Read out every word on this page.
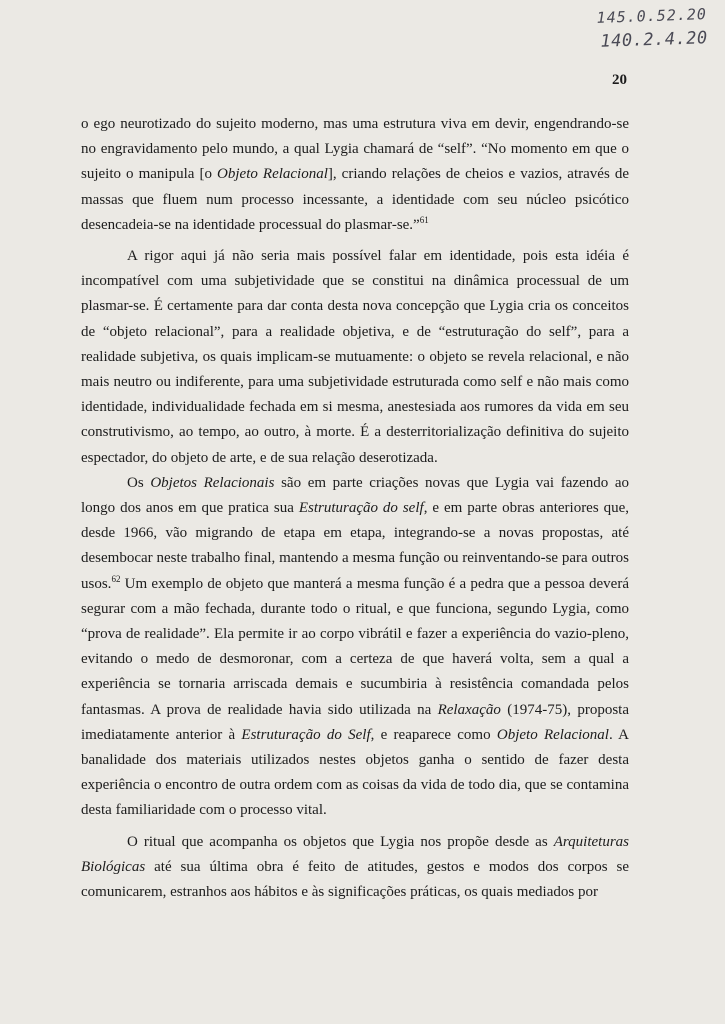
145.0.52.20
140.2.4.20
20

o ego neurotizado do sujeito moderno, mas uma estrutura viva em devir, engendrando-se no engravidamento pelo mundo, a qual Lygia chamará de “self”. “No momento em que o sujeito o manipula [o Objeto Relacional], criando relações de cheios e vazios, através de massas que fluem num processo incessante, a identidade com seu núcleo psicótico desencadeia-se na identidade processual do plasmar-se.”$^{61}$

A rigor aqui já não seria mais possível falar em identidade, pois esta idéia é incompatível com uma subjetividade que se constitui na dinâmica processual de um plasmar-se. É certamente para dar conta desta nova concepção que Lygia cria os conceitos de “objeto relacional”, para a realidade objetiva, e de “estruturação do self”, para a realidade subjetiva, os quais implicam-se mutuamente: o objeto se revela relacional, e não mais neutro ou indiferente, para uma subjetividade estruturada como self e não mais como identidade, individualidade fechada em si mesma, anestesiada aos rumores da vida em seu construtivismo, ao tempo, ao outro, à morte. É a desterritorialização definitiva do sujeito espectador, do objeto de arte, e de sua relação deserotizada.

Os Objetos Relacionais são em parte criações novas que Lygia vai fazendo ao longo dos anos em que pratica sua Estruturação do self, e em parte obras anteriores que, desde 1966, vão migrando de etapa em etapa, integrando-se a novas propostas, até desembocar neste trabalho final, mantendo a mesma função ou reinventando-se para outros usos.$^{62}$ Um exemplo de objeto que manterá a mesma função é a pedra que a pessoa deverá segurar com a mão fechada, durante todo o ritual, e que funciona, segundo Lygia, como “prova de realidade”. Ela permite ir ao corpo vibrátil e fazer a experiência do vazio-pleno, evitando o medo de desmoronar, com a certeza de que haverá volta, sem a qual a experiência se tornaria arriscada demais e sucumbiria à resistência comandada pelos fantasmas. A prova de realidade havia sido utilizada na Relaxação (1974-75), proposta imediatamente anterior à Estruturação do Self, e reaparece como Objeto Relacional. A banalidade dos materiais utilizados nestes objetos ganha o sentido de fazer desta experiência o encontro de outra ordem com as coisas da vida de todo dia, que se contamina desta familiaridade com o processo vital.

O ritual que acompanha os objetos que Lygia nos propõe desde as Arquiteturas Biológicas até sua última obra é feito de atitudes, gestos e modos dos corpos se comunicarem, estranhos aos hábitos e às significações práticas, os quais mediados por
